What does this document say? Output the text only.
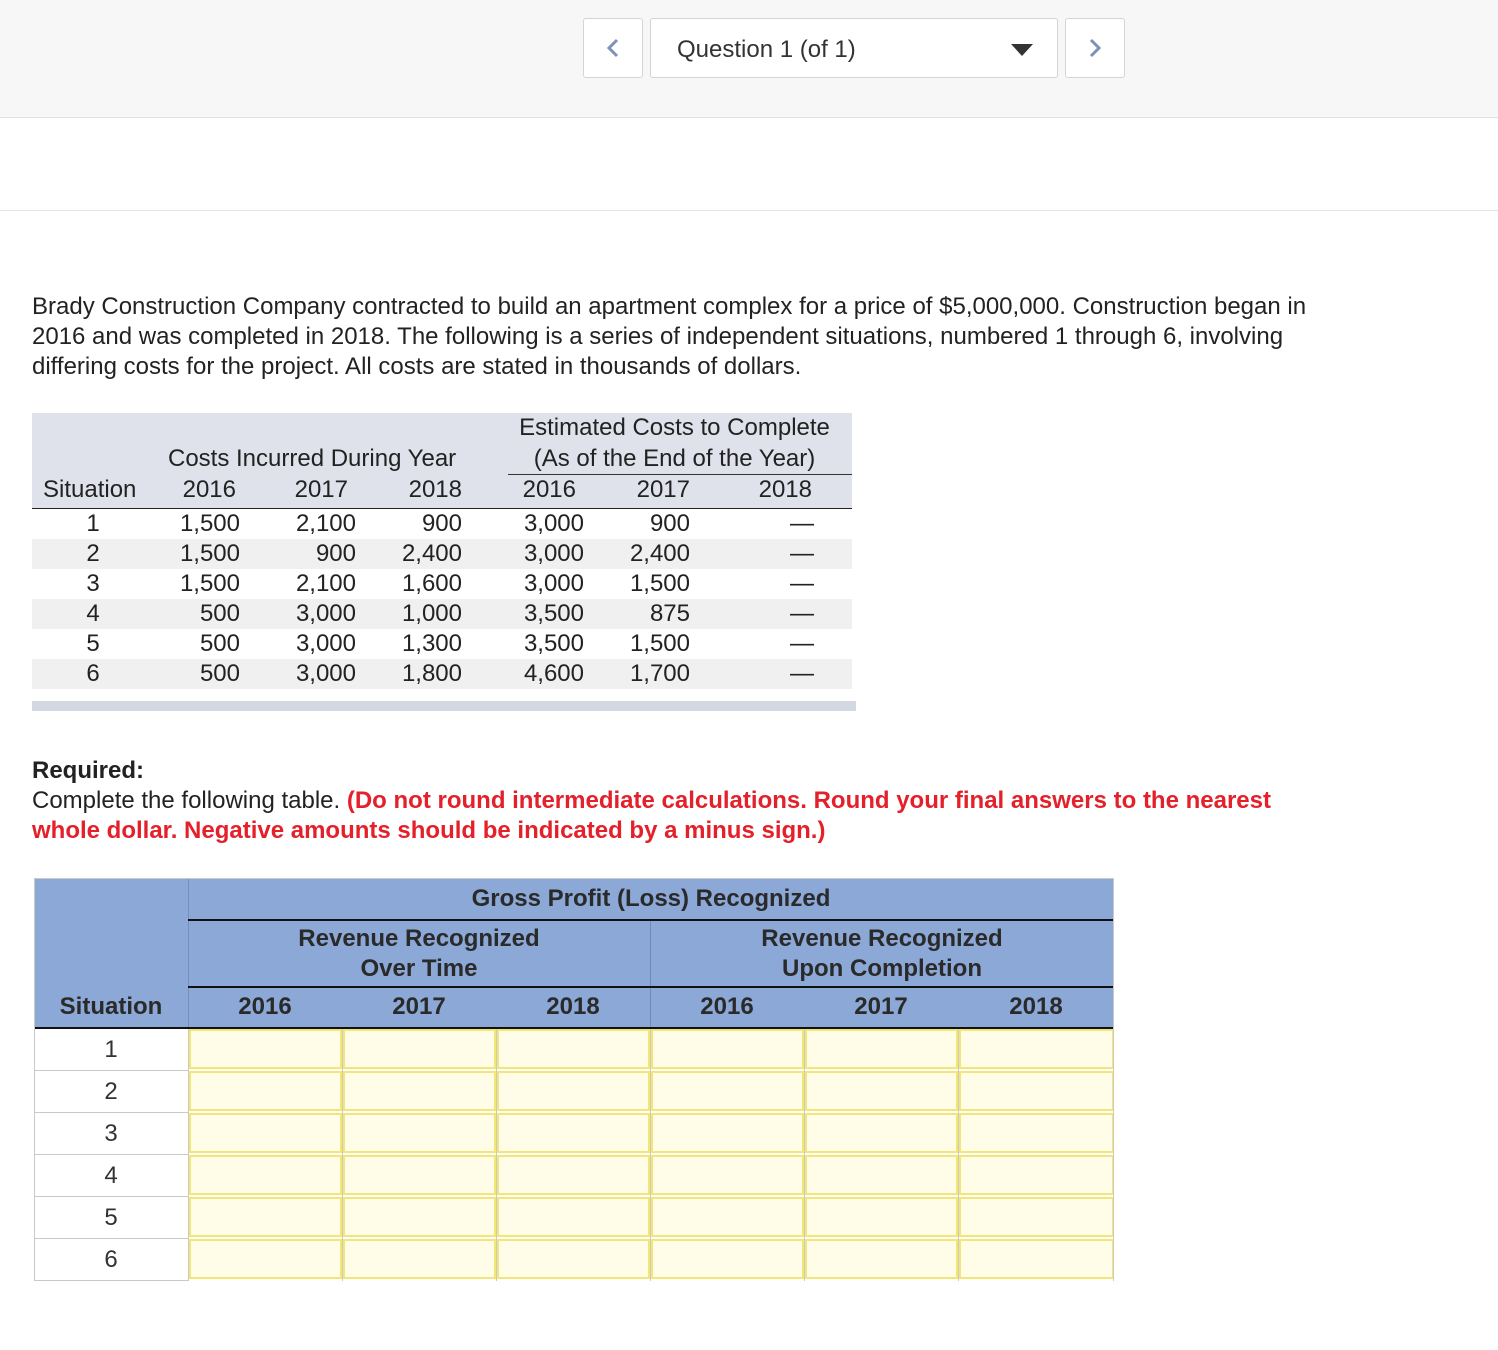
Question 1 (of 1)

Brady Construction Company contracted to build an apartment complex for a price of $5,000,000. Construction began in 2016 and was completed in 2018. The following is a series of independent situations, numbered 1 through 6, involving differing costs for the project. All costs are stated in thousands of dollars.

Estimated Costs to Complete
Costs Incurred During Year	(As of the End of the Year)
Situation	2016	2017	2018	2016	2017	2018
1	1,500	2,100	900	3,000	900	—
2	1,500	900	2,400	3,000	2,400	—
3	1,500	2,100	1,600	3,000	1,500	—
4	500	3,000	1,000	3,500	875	—
5	500	3,000	1,300	3,500	1,500	—
6	500	3,000	1,800	4,600	1,700	—
Required:
Complete the following table. (Do not round intermediate calculations. Round your final answers to the nearest whole dollar. Negative amounts should be indicated by a minus sign.)
Gross Profit (Loss) Recognized
Revenue Recognized
Over Time
Revenue Recognized
Upon Completion
Situation	2016	2017	2018	2016	2017	2018
1
2
3
4
5
6
